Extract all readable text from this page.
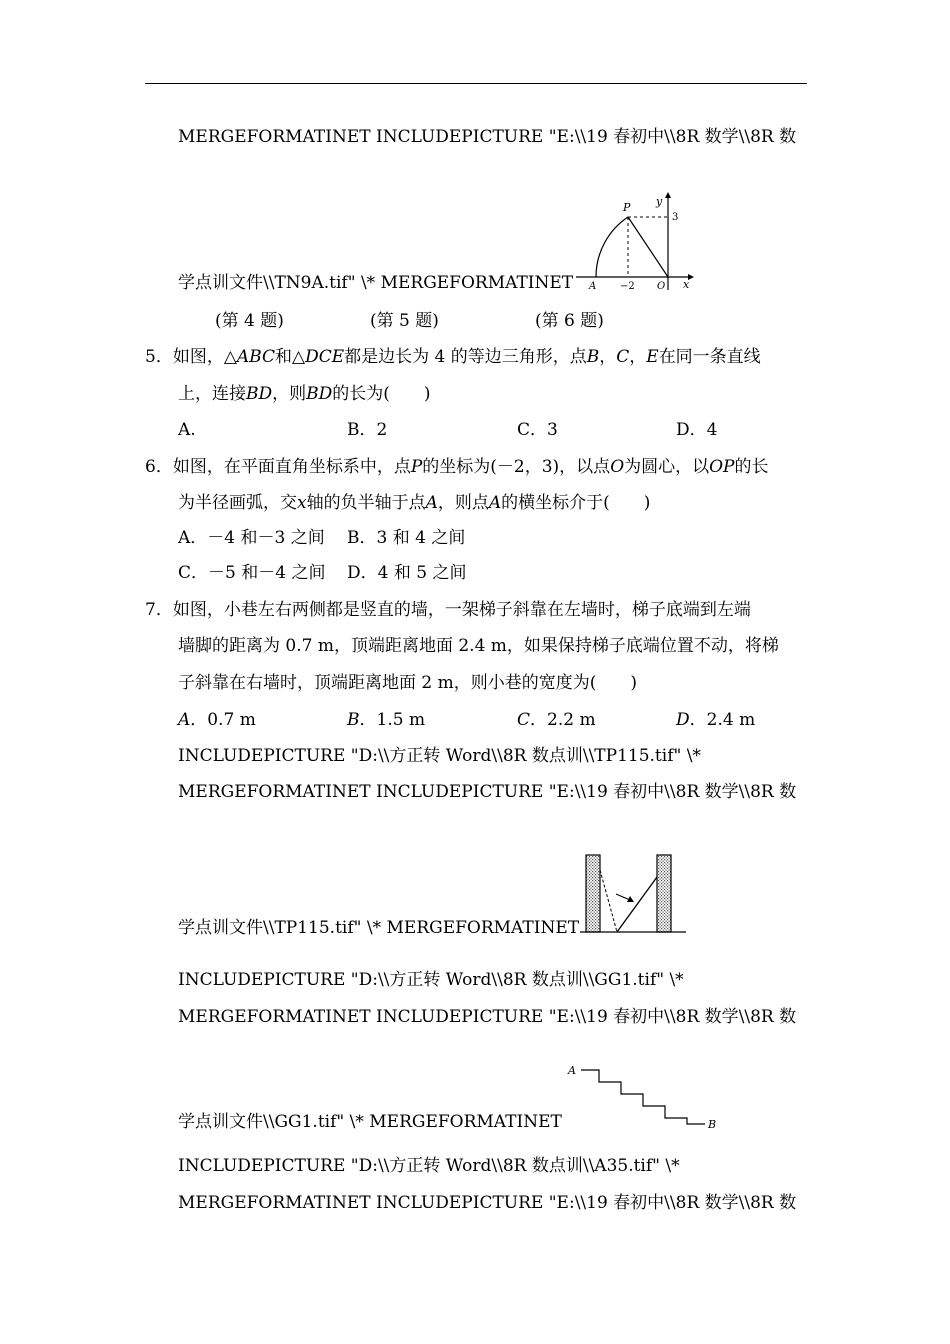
MERGEFORMATINET INCLUDEPICTURE "E:\\19 春初中\\8R 数学\\8R 数
P y
3
A −2 O x
学点训文件\\TN9A.tif" \* MERGEFORMATINET
(第 4 题)	(第 5 题)	(第 6 题)
5．如图，△ABC和△DCE都是边长为 4 的等边三角形，点B，C，E在同一条直线
上，连接BD，则BD的长为(　　)
A.	B．2	C．3	D．4
6．如图，在平面直角坐标系中，点P的坐标为(－2，3)，以点O为圆心，以OP的长
为半径画弧，交x轴的负半轴于点A，则点A的横坐标介于(　　)
A．－4 和－3 之间 B．3 和 4 之间
C．－5 和－4 之间 D．4 和 5 之间
7．如图，小巷左右两侧都是竖直的墙，一架梯子斜靠在左墙时，梯子底端到左端
墙脚的距离为 0.7 m，顶端距离地面 2.4 m，如果保持梯子底端位置不动，将梯
子斜靠在右墙时，顶端距离地面 2 m，则小巷的宽度为(　　)
A．0.7 m	B．1.5 m	C．2.2 m	D．2.4 m
INCLUDEPICTURE "D:\\方正转 Word\\8R 数点训\\TP115.tif" \*
MERGEFORMATINET INCLUDEPICTURE "E:\\19 春初中\\8R 数学\\8R 数
学点训文件\\TP115.tif" \* MERGEFORMATINET
INCLUDEPICTURE "D:\\方正转 Word\\8R 数点训\\GG1.tif" \*
MERGEFORMATINET INCLUDEPICTURE "E:\\19 春初中\\8R 数学\\8R 数
A
B
学点训文件\\GG1.tif" \* MERGEFORMATINET
INCLUDEPICTURE "D:\\方正转 Word\\8R 数点训\\A35.tif" \*
MERGEFORMATINET INCLUDEPICTURE "E:\\19 春初中\\8R 数学\\8R 数
